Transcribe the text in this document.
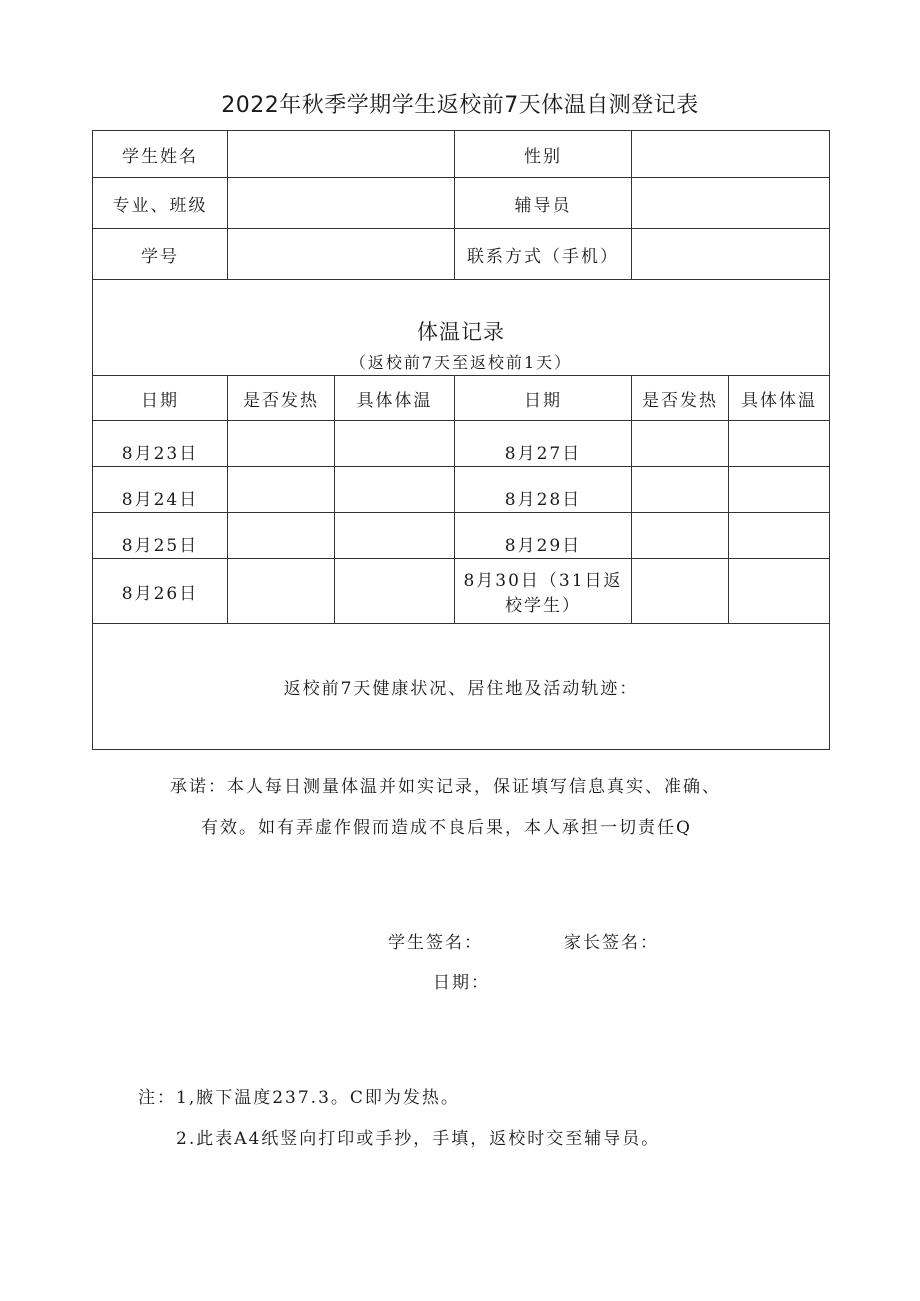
2022年秋季学期学生返校前7天体温自测登记表
学生姓名			性别		
专业、班级			辅导员		
学号			联系方式（手机）		

体温记录
（返校前7天至返校前1天）					

日期	是否发热	具体体温	日期	是否发热	具体体温
8月23日			8月27日		
8月24日			8月28日		
8月25日			8月29日		
8月26日			8月30日（31日返校学生）		
返校前7天健康状况、居住地及活动轨迹：					
承诺：本人每日测量体温并如实记录，保证填写信息真实、准确、
有效。如有弄虚作假而造成不良后果，本人承担一切责任Q
学生签名：	家长签名：
日期：
注：1,腋下温度237.3。C即为发热。
2.此表A4纸竖向打印或手抄，手填，返校时交至辅导员。
